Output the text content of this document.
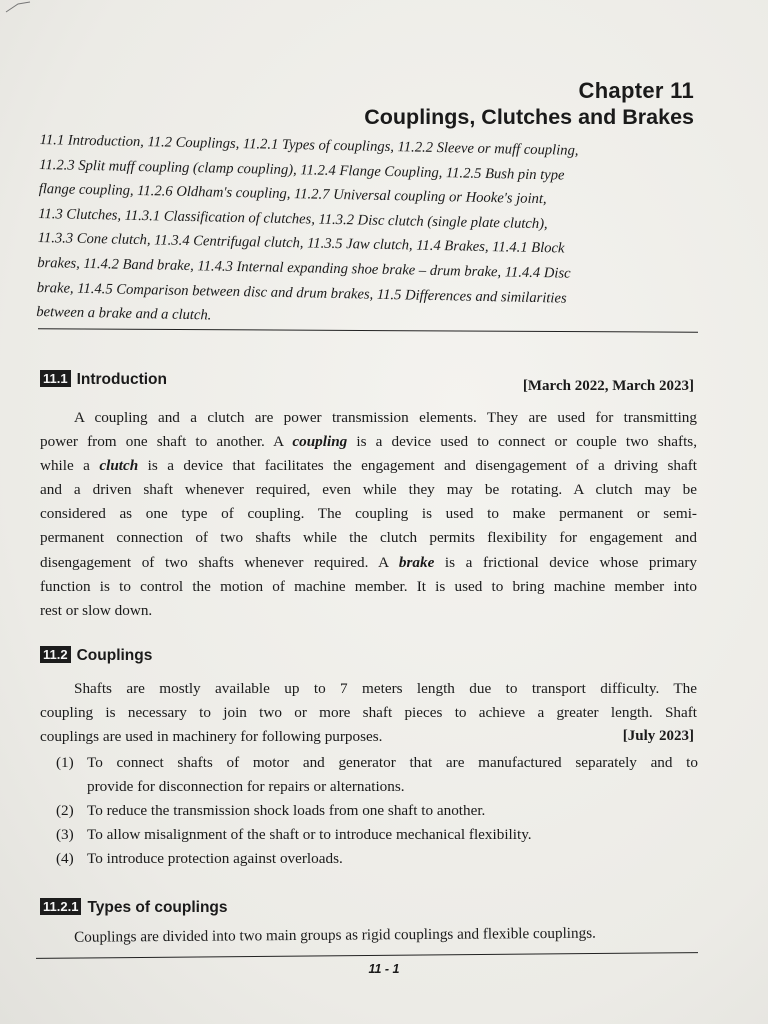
Chapter 11
Couplings, Clutches and Brakes
11.1 Introduction, 11.2 Couplings, 11.2.1 Types of couplings, 11.2.2 Sleeve or muff coupling,
11.2.3 Split muff coupling (clamp coupling), 11.2.4 Flange Coupling, 11.2.5 Bush pin type
flange coupling, 11.2.6 Oldham's coupling, 11.2.7 Universal coupling or Hooke's joint,
11.3 Clutches, 11.3.1 Classification of clutches, 11.3.2 Disc clutch (single plate clutch),
11.3.3 Cone clutch, 11.3.4 Centrifugal clutch, 11.3.5 Jaw clutch, 11.4 Brakes, 11.4.1 Block
brakes, 11.4.2 Band brake, 11.4.3 Internal expanding shoe brake – drum brake, 11.4.4 Disc
brake, 11.4.5 Comparison between disc and drum brakes, 11.5 Differences and similarities
between a brake and a clutch.
11.1 Introduction	[March 2022, March 2023]
A coupling and a clutch are power transmission elements. They are used for transmitting
power from one shaft to another. A coupling is a device used to connect or couple two shafts,
while a clutch is a device that facilitates the engagement and disengagement of a driving shaft
and a driven shaft whenever required, even while they may be rotating. A clutch may be
considered as one type of coupling. The coupling is used to make permanent or semi-
permanent connection of two shafts while the clutch permits flexibility for engagement and
disengagement of two shafts whenever required. A brake is a frictional device whose primary
function is to control the motion of machine member. It is used to bring machine member into
rest or slow down.
11.2 Couplings
Shafts are mostly available up to 7 meters length due to transport difficulty. The
coupling is necessary to join two or more shaft pieces to achieve a greater length. Shaft
couplings are used in machinery for following purposes.	[July 2023]
(1) To connect shafts of motor and generator that are manufactured separately and to
provide for disconnection for repairs or alternations.
(2) To reduce the transmission shock loads from one shaft to another.
(3) To allow misalignment of the shaft or to introduce mechanical flexibility.
(4) To introduce protection against overloads.
11.2.1 Types of couplings
Couplings are divided into two main groups as rigid couplings and flexible couplings.
11 - 1
